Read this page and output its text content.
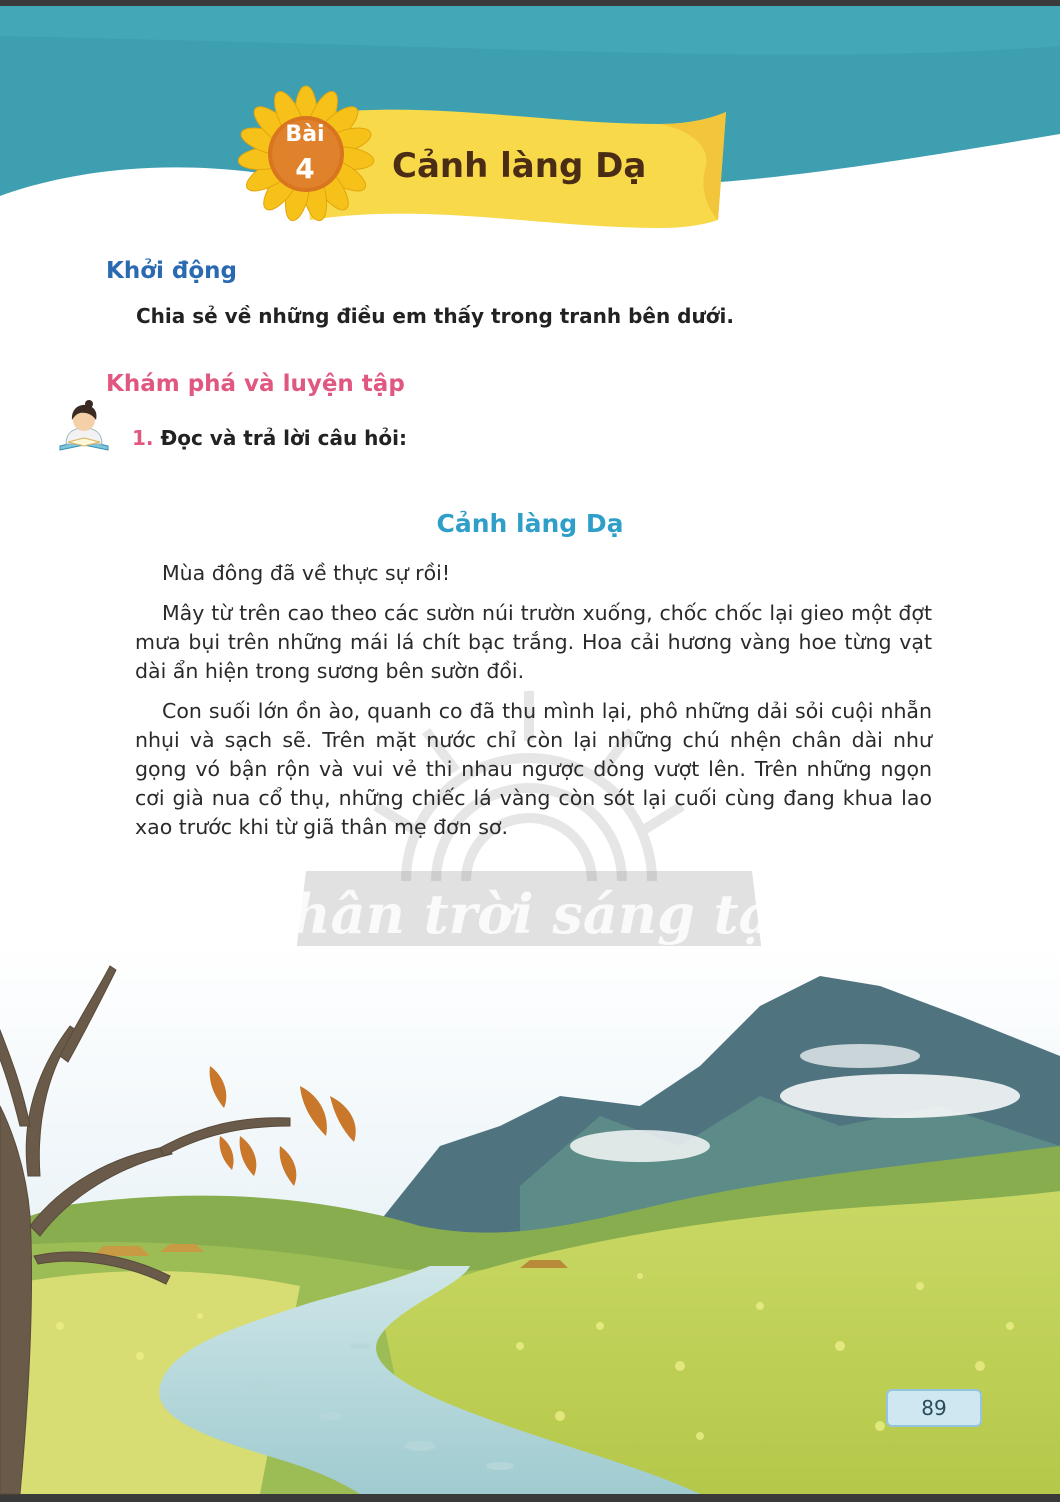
Bài
4	Cảnh làng Dạ
Khởi động
Chia sẻ về những điều em thấy trong tranh bên dưới.
Khám phá và luyện tập
1. Đọc và trả lời câu hỏi:
Chân trời sáng tạo
Cảnh làng Dạ

Mùa đông đã về thực sự rồi!

Mây từ trên cao theo các sườn núi trườn xuống, chốc chốc lại gieo một đợt mưa bụi trên những mái lá chít bạc trắng. Hoa cải hương vàng hoe từng vạt dài ẩn hiện trong sương bên sườn đồi.

Con suối lớn ồn ào, quanh co đã thu mình lại, phô những dải sỏi cuội nhẵn nhụi và sạch sẽ. Trên mặt nước chỉ còn lại những chú nhện chân dài như gọng vó bận rộn và vui vẻ thi nhau ngược dòng vượt lên. Trên những ngọn cơi già nua cổ thụ, những chiếc lá vàng còn sót lại cuối cùng đang khua lao xao trước khi từ giã thân mẹ đơn sơ.

89
